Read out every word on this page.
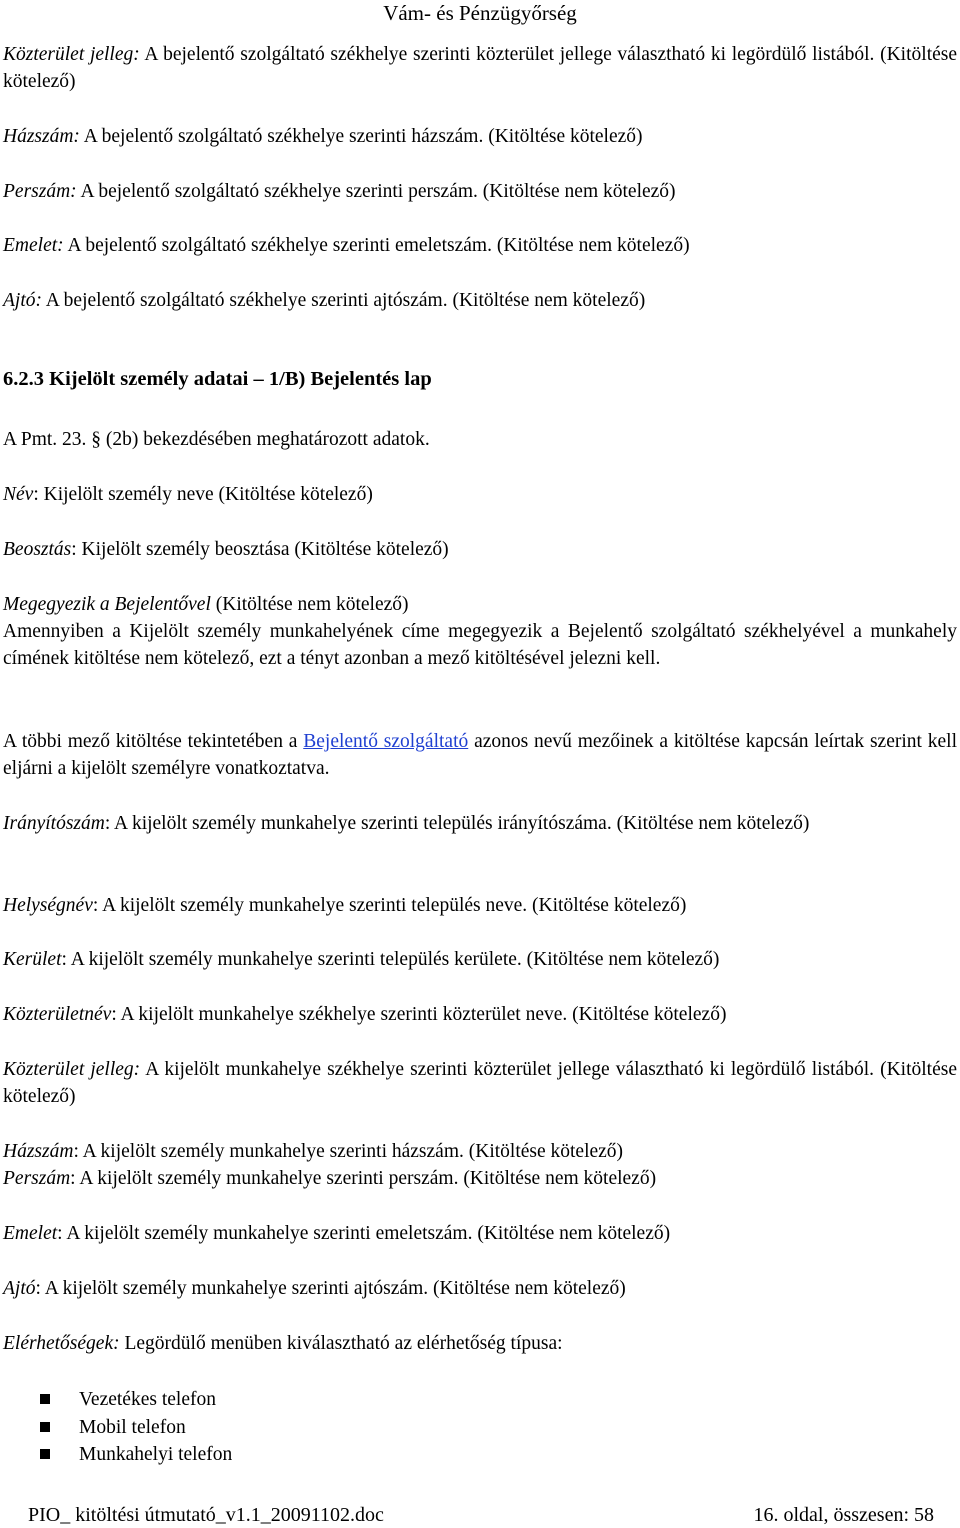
Vám- és Pénzügyőrség
Közterület jelleg: A bejelentő szolgáltató székhelye szerinti közterület jellege választható ki legördülő listából. (Kitöltése kötelező)
Házszám: A bejelentő szolgáltató székhelye szerinti házszám. (Kitöltése kötelező)
Perszám: A bejelentő szolgáltató székhelye szerinti perszám. (Kitöltése nem kötelező)
Emelet: A bejelentő szolgáltató székhelye szerinti emeletszám. (Kitöltése nem kötelező)
Ajtó: A bejelentő szolgáltató székhelye szerinti ajtószám. (Kitöltése nem kötelező)
6.2.3 Kijelölt személy adatai – 1/B) Bejelentés lap
A Pmt. 23. § (2b) bekezdésében meghatározott adatok.
Név: Kijelölt személy neve (Kitöltése kötelező)
Beosztás: Kijelölt személy beosztása (Kitöltése kötelező)
Megegyezik a Bejelentővel (Kitöltése nem kötelező)
Amennyiben a Kijelölt személy munkahelyének címe megegyezik a Bejelentő szolgáltató székhelyével a munkahely címének kitöltése nem kötelező, ezt a tényt azonban a mező kitöltésével jelezni kell.
A többi mező kitöltése tekintetében a Bejelentő szolgáltató azonos nevű mezőinek a kitöltése kapcsán leírtak szerint kell eljárni a kijelölt személyre vonatkoztatva.
Irányítószám: A kijelölt személy munkahelye szerinti település irányítószáma. (Kitöltése nem kötelező)
Helységnév: A kijelölt személy munkahelye szerinti település neve. (Kitöltése kötelező)
Kerület: A kijelölt személy munkahelye szerinti település kerülete. (Kitöltése nem kötelező)
Közterületnév: A kijelölt munkahelye székhelye szerinti közterület neve. (Kitöltése kötelező)
Közterület jelleg: A kijelölt munkahelye székhelye szerinti közterület jellege választható ki legördülő listából. (Kitöltése kötelező)
Házszám: A kijelölt személy munkahelye szerinti házszám. (Kitöltése kötelező)
Perszám: A kijelölt személy munkahelye szerinti perszám. (Kitöltése nem kötelező)
Emelet: A kijelölt személy munkahelye szerinti emeletszám. (Kitöltése nem kötelező)
Ajtó: A kijelölt személy munkahelye szerinti ajtószám. (Kitöltése nem kötelező)
Elérhetőségek: Legördülő menüben kiválasztható az elérhetőség típusa:
Vezetékes telefon
Mobil telefon
Munkahelyi telefon
PIO_ kitöltési útmutató_v1.1_20091102.doc	16. oldal, összesen: 58
